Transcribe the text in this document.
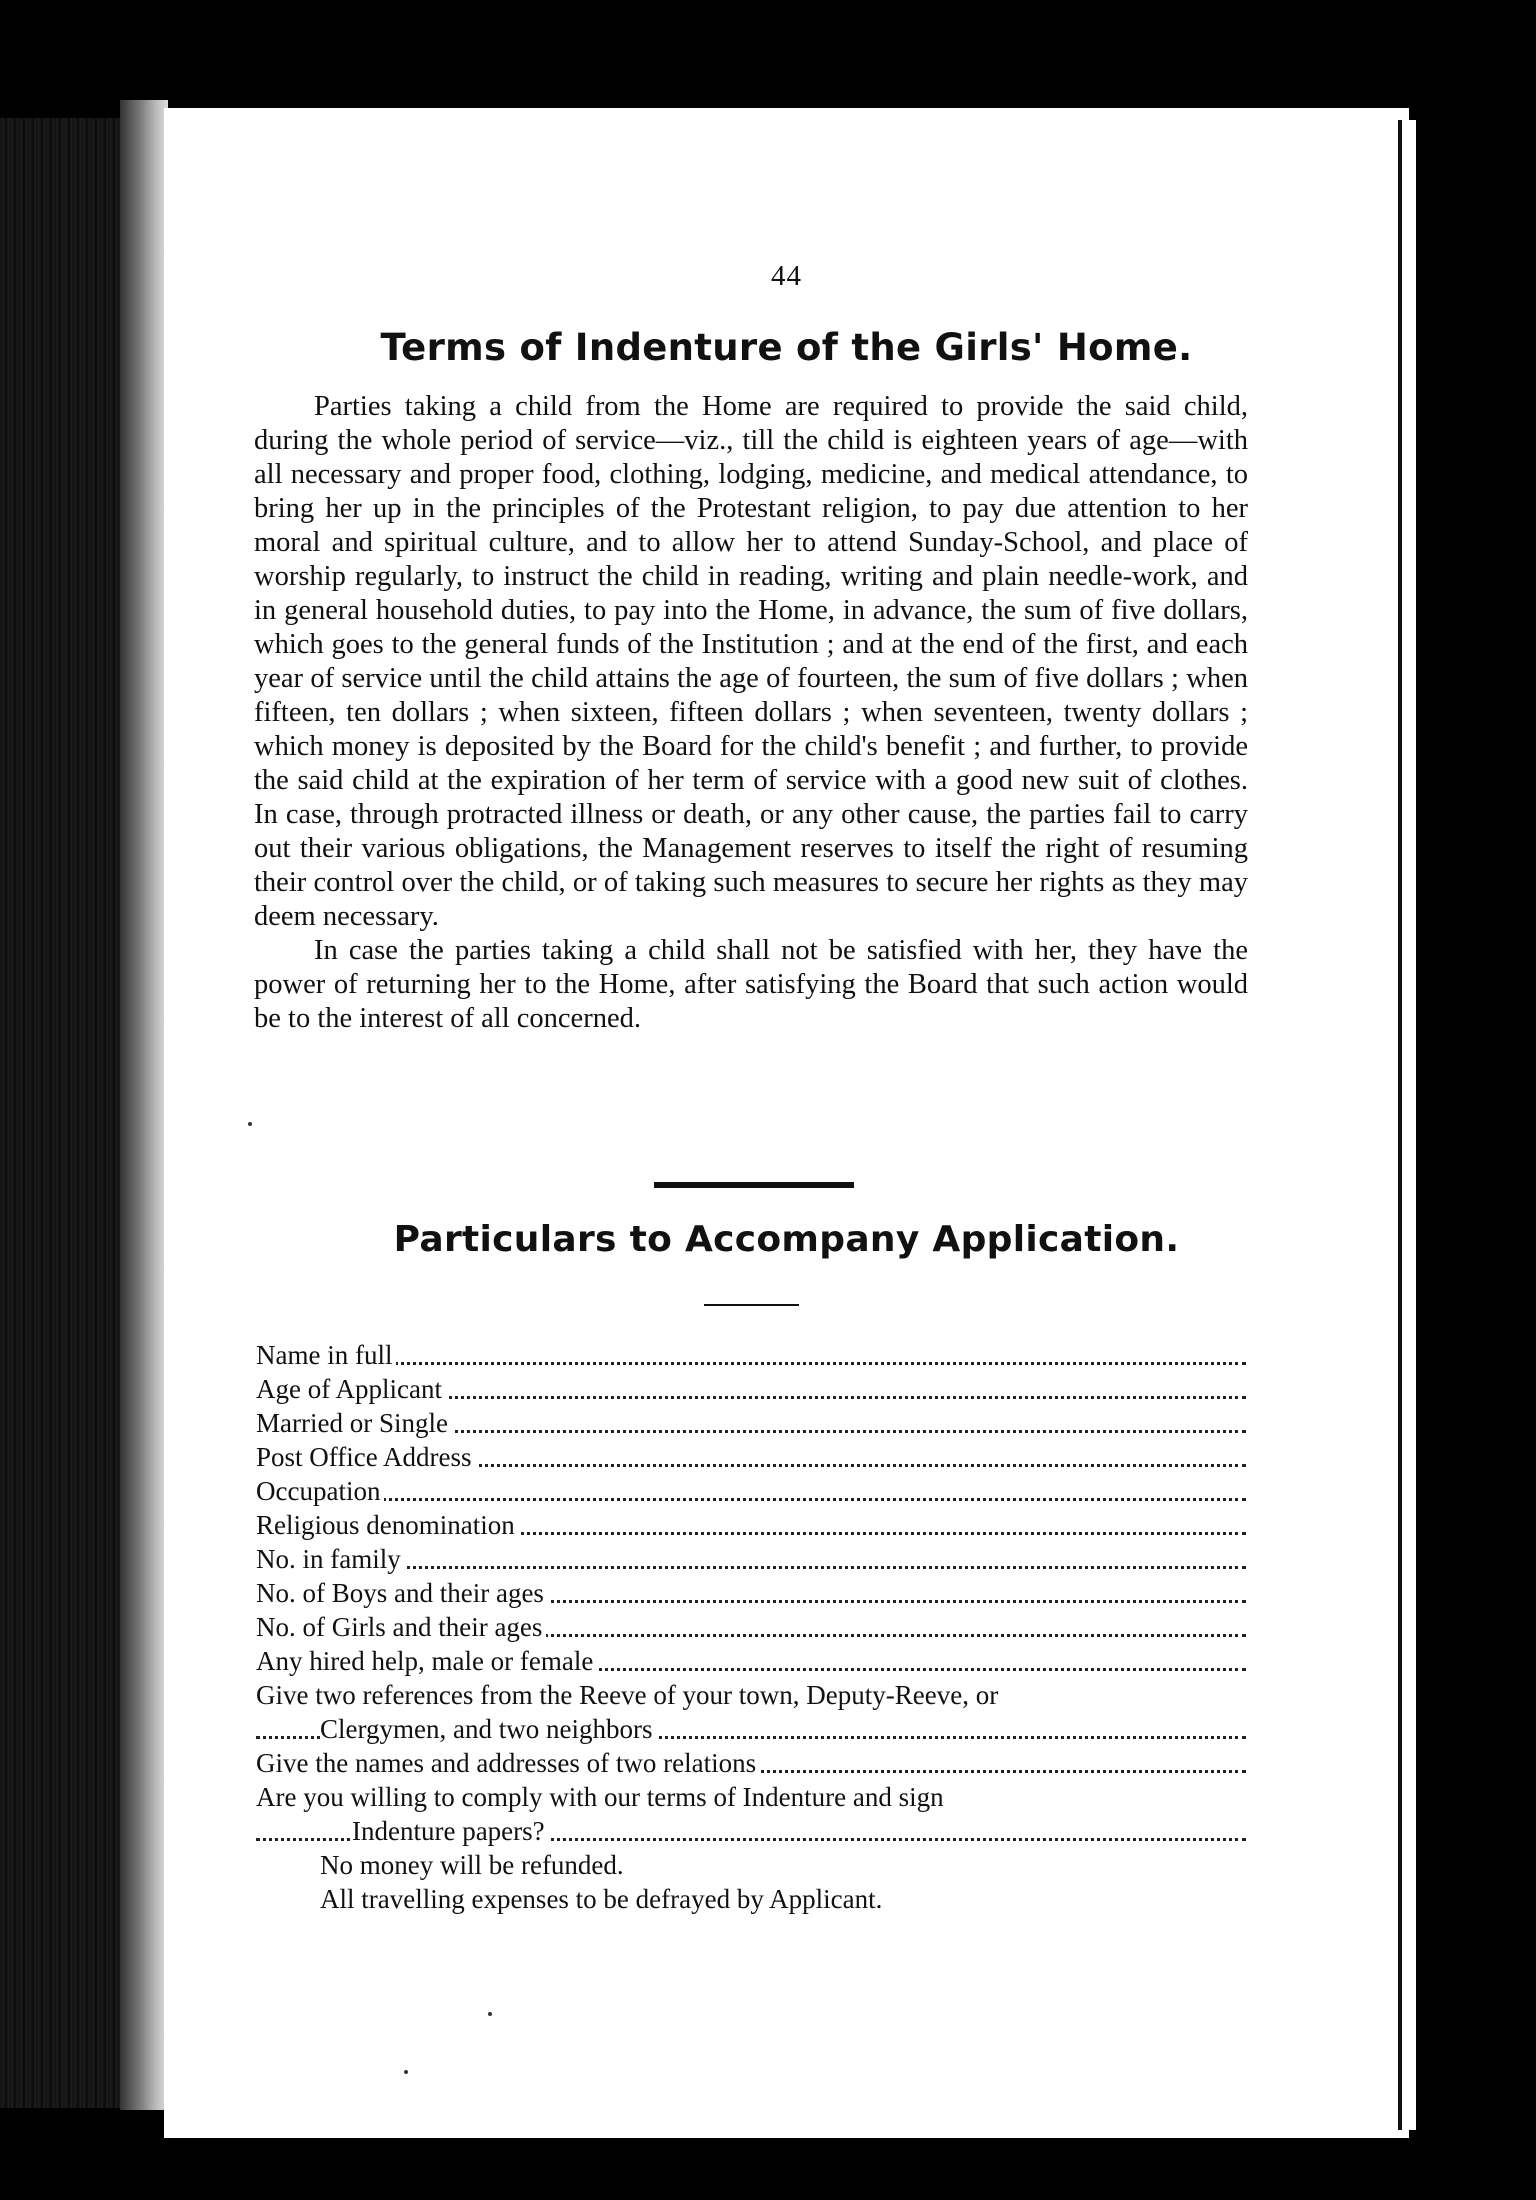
44
Terms of Indenture of the Girls' Home.

Parties taking a child from the Home are required to provide the said child, during the whole period of service—viz., till the child is eighteen years of age—with all necessary and proper food, clothing, lodging, medicine, and medical attendance, to bring her up in the principles of the Protestant religion, to pay due attention to her moral and spiritual culture, and to allow her to attend Sunday-School, and place of worship regularly, to instruct the child in reading, writing and plain needle-work, and in general household duties, to pay into the Home, in advance, the sum of five dollars, which goes to the general funds of the Institution ; and at the end of the first, and each year of service until the child attains the age of fourteen, the sum of five dollars ; when fifteen, ten dollars ; when sixteen, fifteen dollars ; when seventeen, twenty dollars ; which money is deposited by the Board for the child's benefit ; and further, to provide the said child at the expiration of her term of service with a good new suit of clothes. In case, through protracted illness or death, or any other cause, the parties fail to carry out their various obligations, the Management reserves to itself the right of resuming their control over the child, or of taking such measures to secure her rights as they may deem necessary.

In case the parties taking a child shall not be satisfied with her, they have the power of returning her to the Home, after satisfying the Board that such action would be to the interest of all concerned.

Particulars to Accompany Application.
Name in full
Age of Applicant
Married or Single
Post Office Address
Occupation
Religious denomination
No. in family
No. of Boys and their ages
No. of Girls and their ages
Any hired help, male or female
Give two references from the Reeve of your town, Deputy-Reeve, or
Clergymen, and two neighbors
Give the names and addresses of two relations
Are you willing to comply with our terms of Indenture and sign
Indenture papers?
No money will be refunded.
All travelling expenses to be defrayed by Applicant.
